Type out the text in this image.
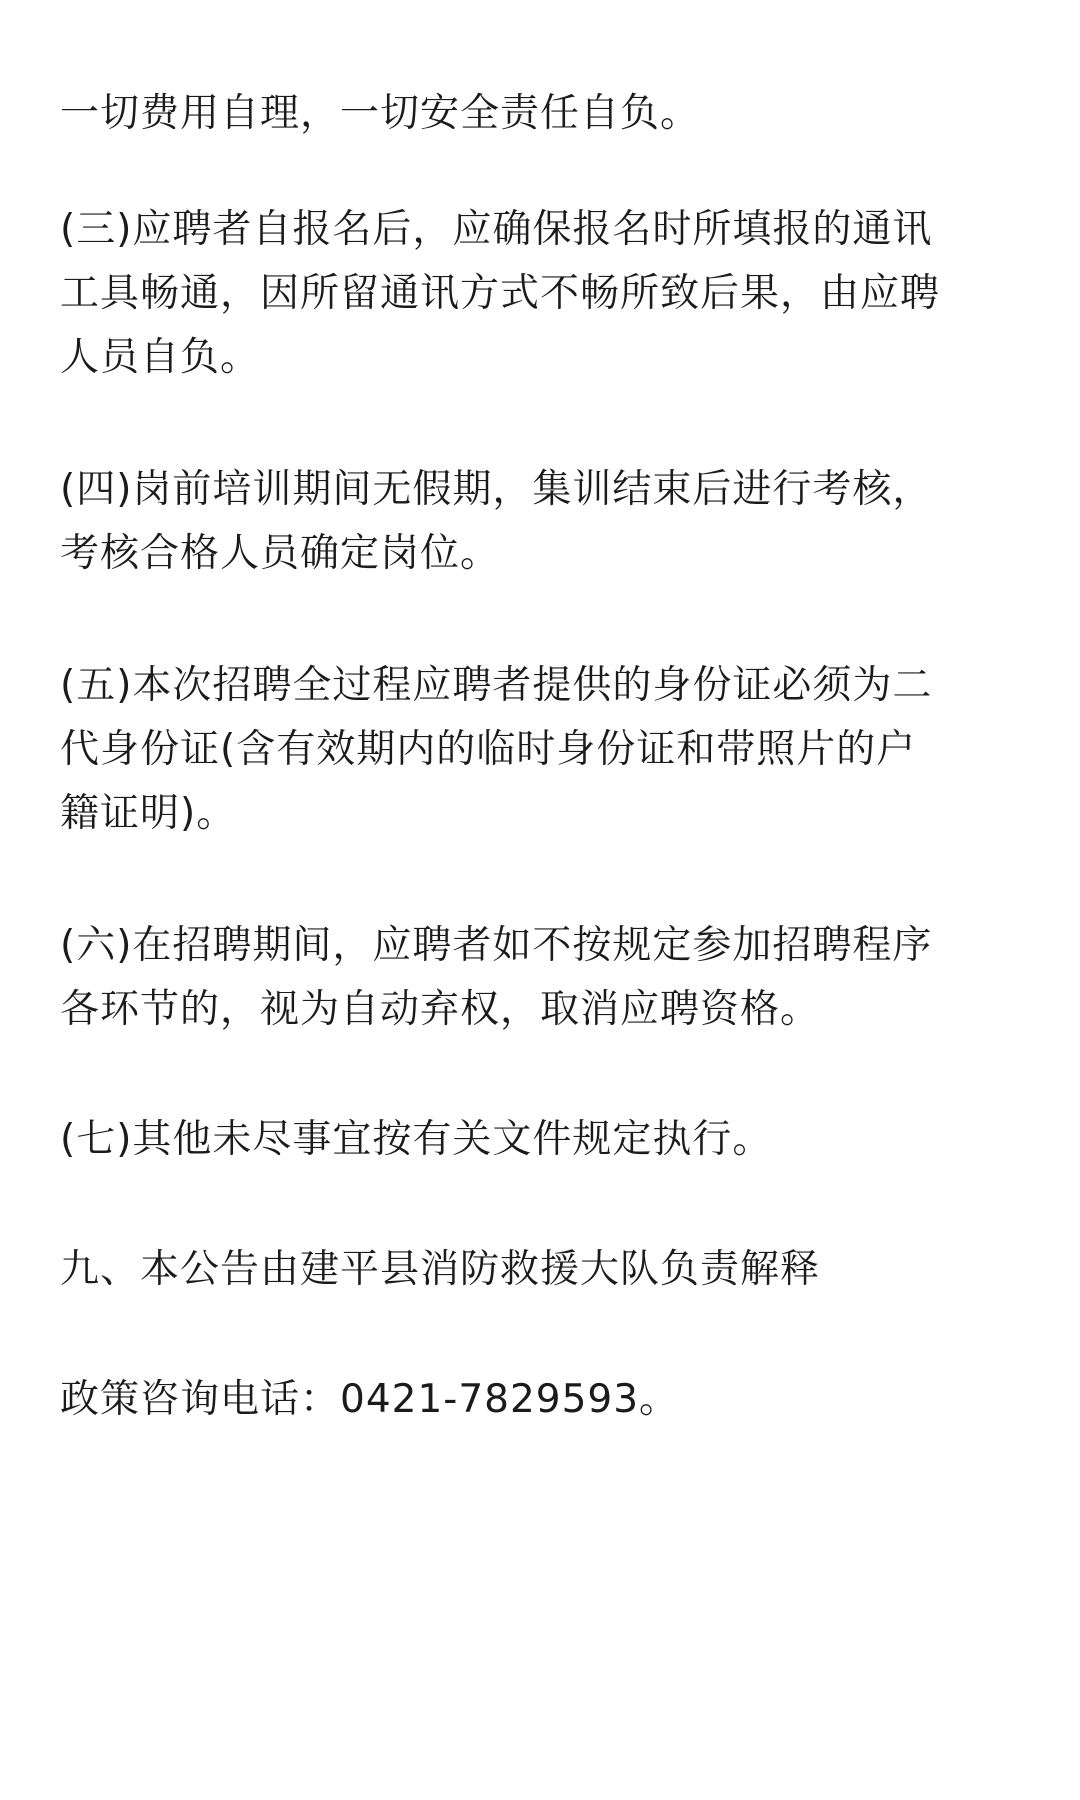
一切费用自理，一切安全责任自负。

(三)应聘者自报名后，应确保报名时所填报的通讯
工具畅通，因所留通讯方式不畅所致后果，由应聘
人员自负。

(四)岗前培训期间无假期，集训结束后进行考核，
考核合格人员确定岗位。

(五)本次招聘全过程应聘者提供的身份证必须为二
代身份证(含有效期内的临时身份证和带照片的户
籍证明)。

(六)在招聘期间，应聘者如不按规定参加招聘程序
各环节的，视为自动弃权，取消应聘资格。

(七)其他未尽事宜按有关文件规定执行。

九、本公告由建平县消防救援大队负责解释

政策咨询电话：0421-7829593。
